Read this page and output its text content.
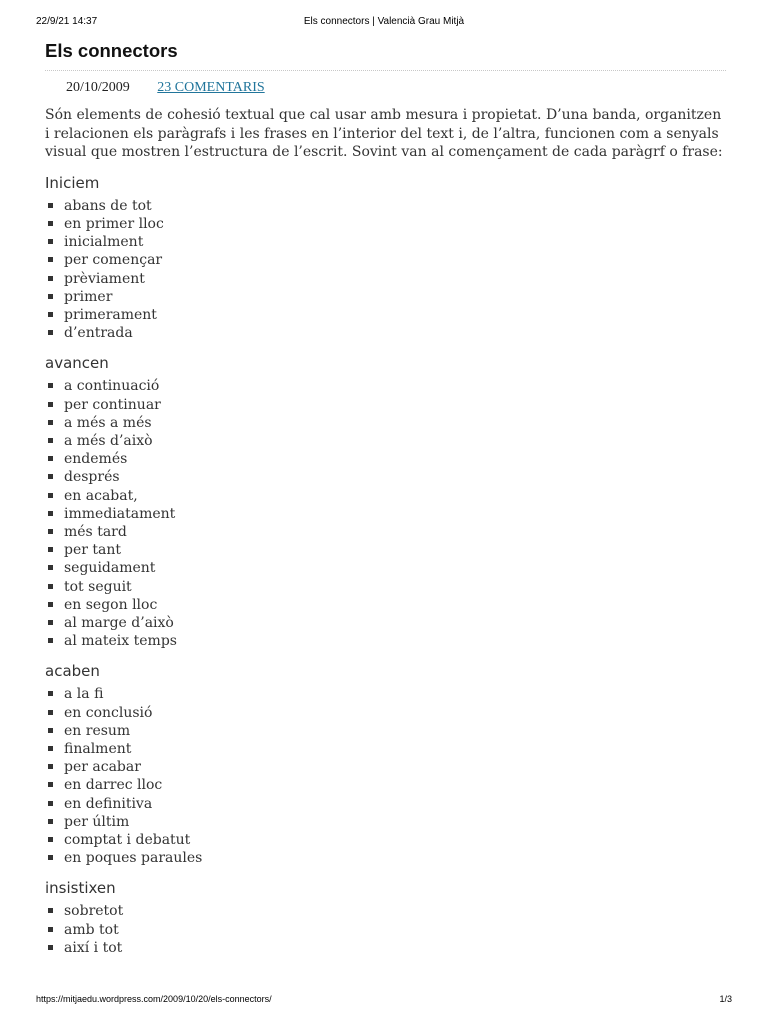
22/9/21 14:37	Els connectors | Valencià Grau Mitjà
Els connectors
20/10/2009 23 COMENTARIS

Són elements de cohesió textual que cal usar amb mesura i propietat. D’una banda, organitzen i relacionen els paràgrafs i les frases en l’interior del text i, de l’altra, funcionen com a senyals visual que mostren l’estructura de l’escrit. Sovint van al començament de cada paràgrf o frase:

Iniciem
abans de tot
en primer lloc
inicialment
per començar
prèviament
primer
primerament
d’entrada
avancen
a continuació
per continuar
a més a més
a més d’això
endemés
després
en acabat,
immediatament
més tard
per tant
seguidament
tot seguit
en segon lloc
al marge d’això
al mateix temps
acaben
a la fi
en conclusió
en resum
finalment
per acabar
en darrec lloc
en definitiva
per últim
comptat i debatut
en poques paraules
insistixen
sobretot
amb tot
així i tot
https://mitjaedu.wordpress.com/2009/10/20/els-connectors/	1/3
